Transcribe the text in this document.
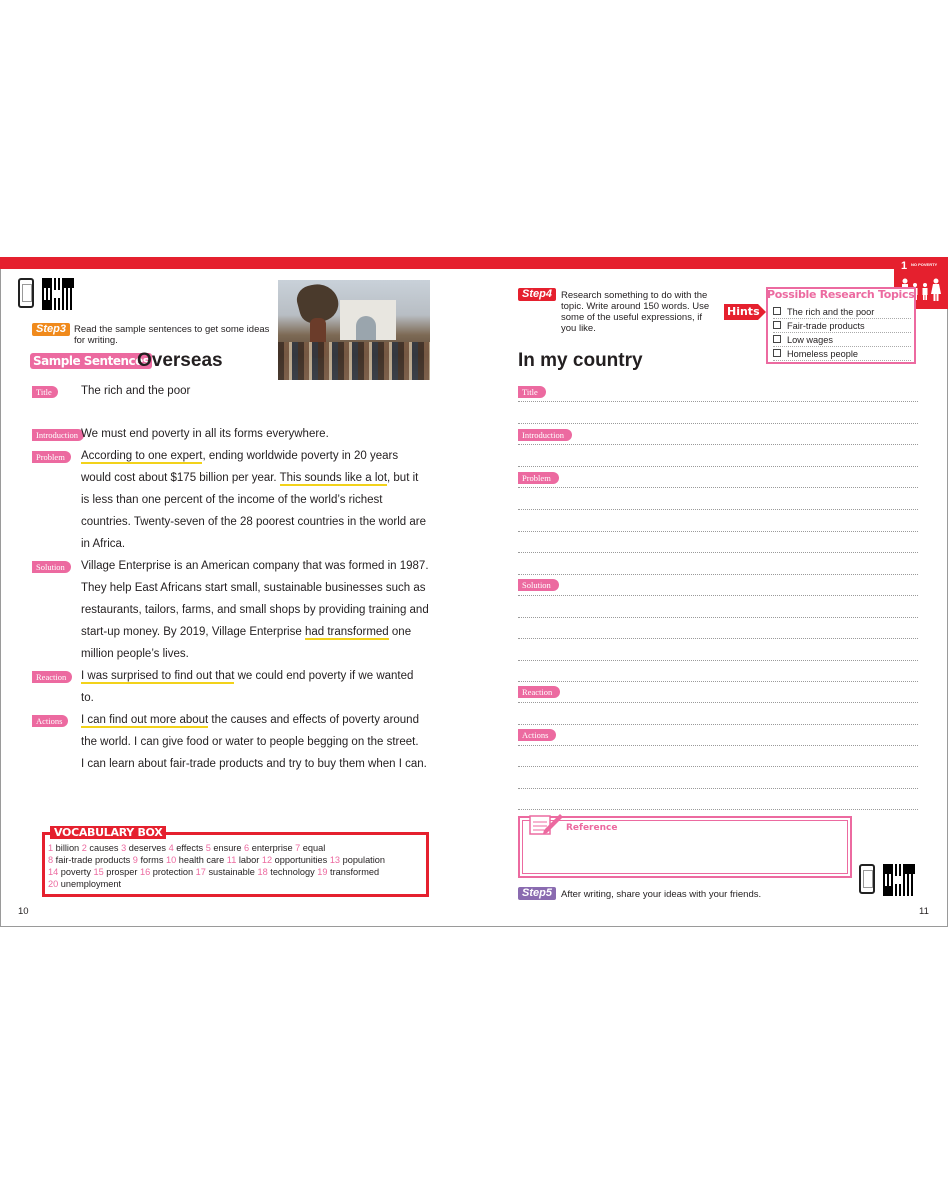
1 NO POVERTY
Step3 Read the sample sentences to get some ideas
for writing.
Sample Sentences
Overseas
Title	The rich and the poor
Introduction We must end poverty in all its forms everywhere.
Problem	According to one expert, ending worldwide poverty in 20 years
would cost about $175 billion per year. This sounds like a lot, but it
is less than one percent of the income of the world’s richest
countries. Twenty-seven of the 28 poorest countries in the world are
in Africa.
Solution	Village Enterprise is an American company that was formed in 1987.
They help East Africans start small, sustainable businesses such as
restaurants, tailors, farms, and small shops by providing training and
start-up money. By 2019, Village Enterprise had transformed one
million people’s lives.
Reaction	I was surprised to find out that we could end poverty if we wanted
to.
Actions	I can find out more about the causes and effects of poverty around
the world. I can give food or water to people begging on the street.
I can learn about fair-trade products and try to buy them when I can.
VOCABULARY BOX
1 billion 2 causes 3 deserves 4 effects 5 ensure 6 enterprise 7 equal
8 fair-trade products 9 forms 10 health care 11 labor 12 opportunities 13 population
14 poverty 15 prosper 16 protection 17 sustainable 18 technology 19 transformed
20 unemployment
10
Step4 Research something to do with the
topic. Write around 150 words. Use
some of the useful expressions, if
you like.
Possible Research Topics
Hints	The rich and the poor
Fair-trade products
Low wages
Homeless people
In my country
Title
Introduction
Problem
Solution
Reaction
Actions
Reference
Step5 After writing, share your ideas with your friends.
11
